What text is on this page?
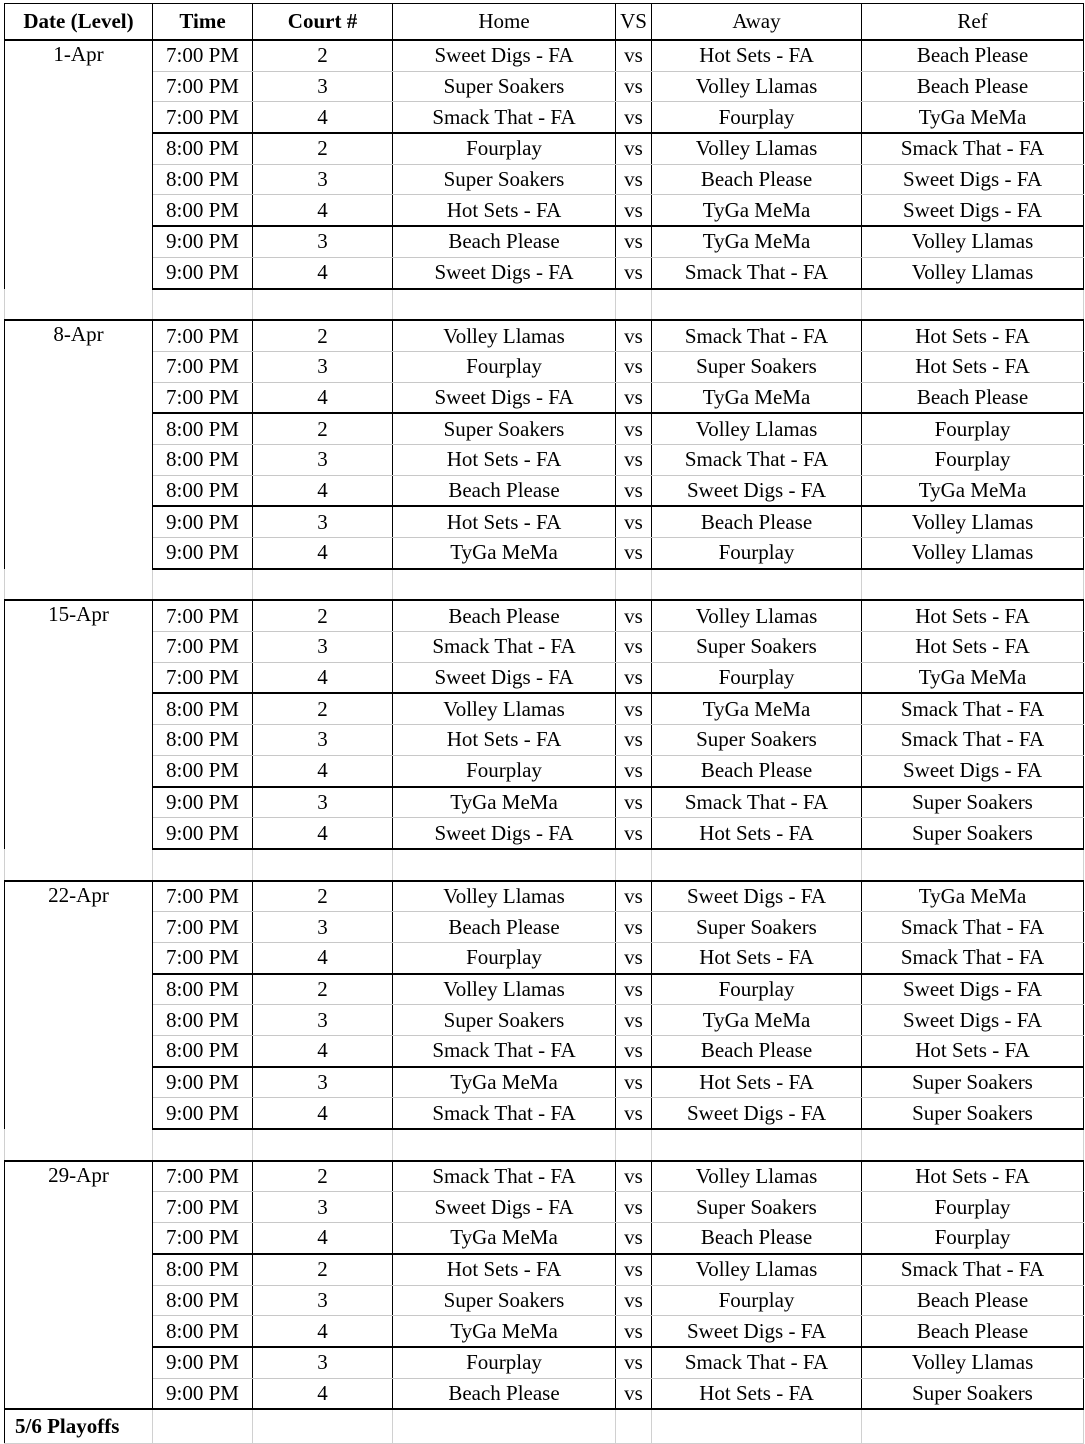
Date (Level)	Time	Court #	Home	VS	Away	Ref
1-Apr	7:00 PM	2	Sweet Digs - FA	vs	Hot Sets - FA	Beach Please
	7:00 PM	3	Super Soakers	vs	Volley Llamas	Beach Please
	7:00 PM	4	Smack That - FA	vs	Fourplay	TyGa MeMa
	8:00 PM	2	Fourplay	vs	Volley Llamas	Smack That - FA
	8:00 PM	3	Super Soakers	vs	Beach Please	Sweet Digs - FA
	8:00 PM	4	Hot Sets - FA	vs	TyGa MeMa	Sweet Digs - FA
	9:00 PM	3	Beach Please	vs	TyGa MeMa	Volley Llamas
	9:00 PM	4	Sweet Digs - FA	vs	Smack That - FA	Volley Llamas

8-Apr	7:00 PM	2	Volley Llamas	vs	Smack That - FA	Hot Sets - FA
	7:00 PM	3	Fourplay	vs	Super Soakers	Hot Sets - FA
	7:00 PM	4	Sweet Digs - FA	vs	TyGa MeMa	Beach Please
	8:00 PM	2	Super Soakers	vs	Volley Llamas	Fourplay
	8:00 PM	3	Hot Sets - FA	vs	Smack That - FA	Fourplay
	8:00 PM	4	Beach Please	vs	Sweet Digs - FA	TyGa MeMa
	9:00 PM	3	Hot Sets - FA	vs	Beach Please	Volley Llamas
	9:00 PM	4	TyGa MeMa	vs	Fourplay	Volley Llamas

15-Apr	7:00 PM	2	Beach Please	vs	Volley Llamas	Hot Sets - FA
	7:00 PM	3	Smack That - FA	vs	Super Soakers	Hot Sets - FA
	7:00 PM	4	Sweet Digs - FA	vs	Fourplay	TyGa MeMa
	8:00 PM	2	Volley Llamas	vs	TyGa MeMa	Smack That - FA
	8:00 PM	3	Hot Sets - FA	vs	Super Soakers	Smack That - FA
	8:00 PM	4	Fourplay	vs	Beach Please	Sweet Digs - FA
	9:00 PM	3	TyGa MeMa	vs	Smack That - FA	Super Soakers
	9:00 PM	4	Sweet Digs - FA	vs	Hot Sets - FA	Super Soakers

22-Apr	7:00 PM	2	Volley Llamas	vs	Sweet Digs - FA	TyGa MeMa
	7:00 PM	3	Beach Please	vs	Super Soakers	Smack That - FA
	7:00 PM	4	Fourplay	vs	Hot Sets - FA	Smack That - FA
	8:00 PM	2	Volley Llamas	vs	Fourplay	Sweet Digs - FA
	8:00 PM	3	Super Soakers	vs	TyGa MeMa	Sweet Digs - FA
	8:00 PM	4	Smack That - FA	vs	Beach Please	Hot Sets - FA
	9:00 PM	3	TyGa MeMa	vs	Hot Sets - FA	Super Soakers
	9:00 PM	4	Smack That - FA	vs	Sweet Digs - FA	Super Soakers

29-Apr	7:00 PM	2	Smack That - FA	vs	Volley Llamas	Hot Sets - FA
	7:00 PM	3	Sweet Digs - FA	vs	Super Soakers	Fourplay
	7:00 PM	4	TyGa MeMa	vs	Beach Please	Fourplay
	8:00 PM	2	Hot Sets - FA	vs	Volley Llamas	Smack That - FA
	8:00 PM	3	Super Soakers	vs	Fourplay	Beach Please
	8:00 PM	4	TyGa MeMa	vs	Sweet Digs - FA	Beach Please
	9:00 PM	3	Fourplay	vs	Smack That - FA	Volley Llamas
	9:00 PM	4	Beach Please	vs	Hot Sets - FA	Super Soakers
5/6 Playoffs						
